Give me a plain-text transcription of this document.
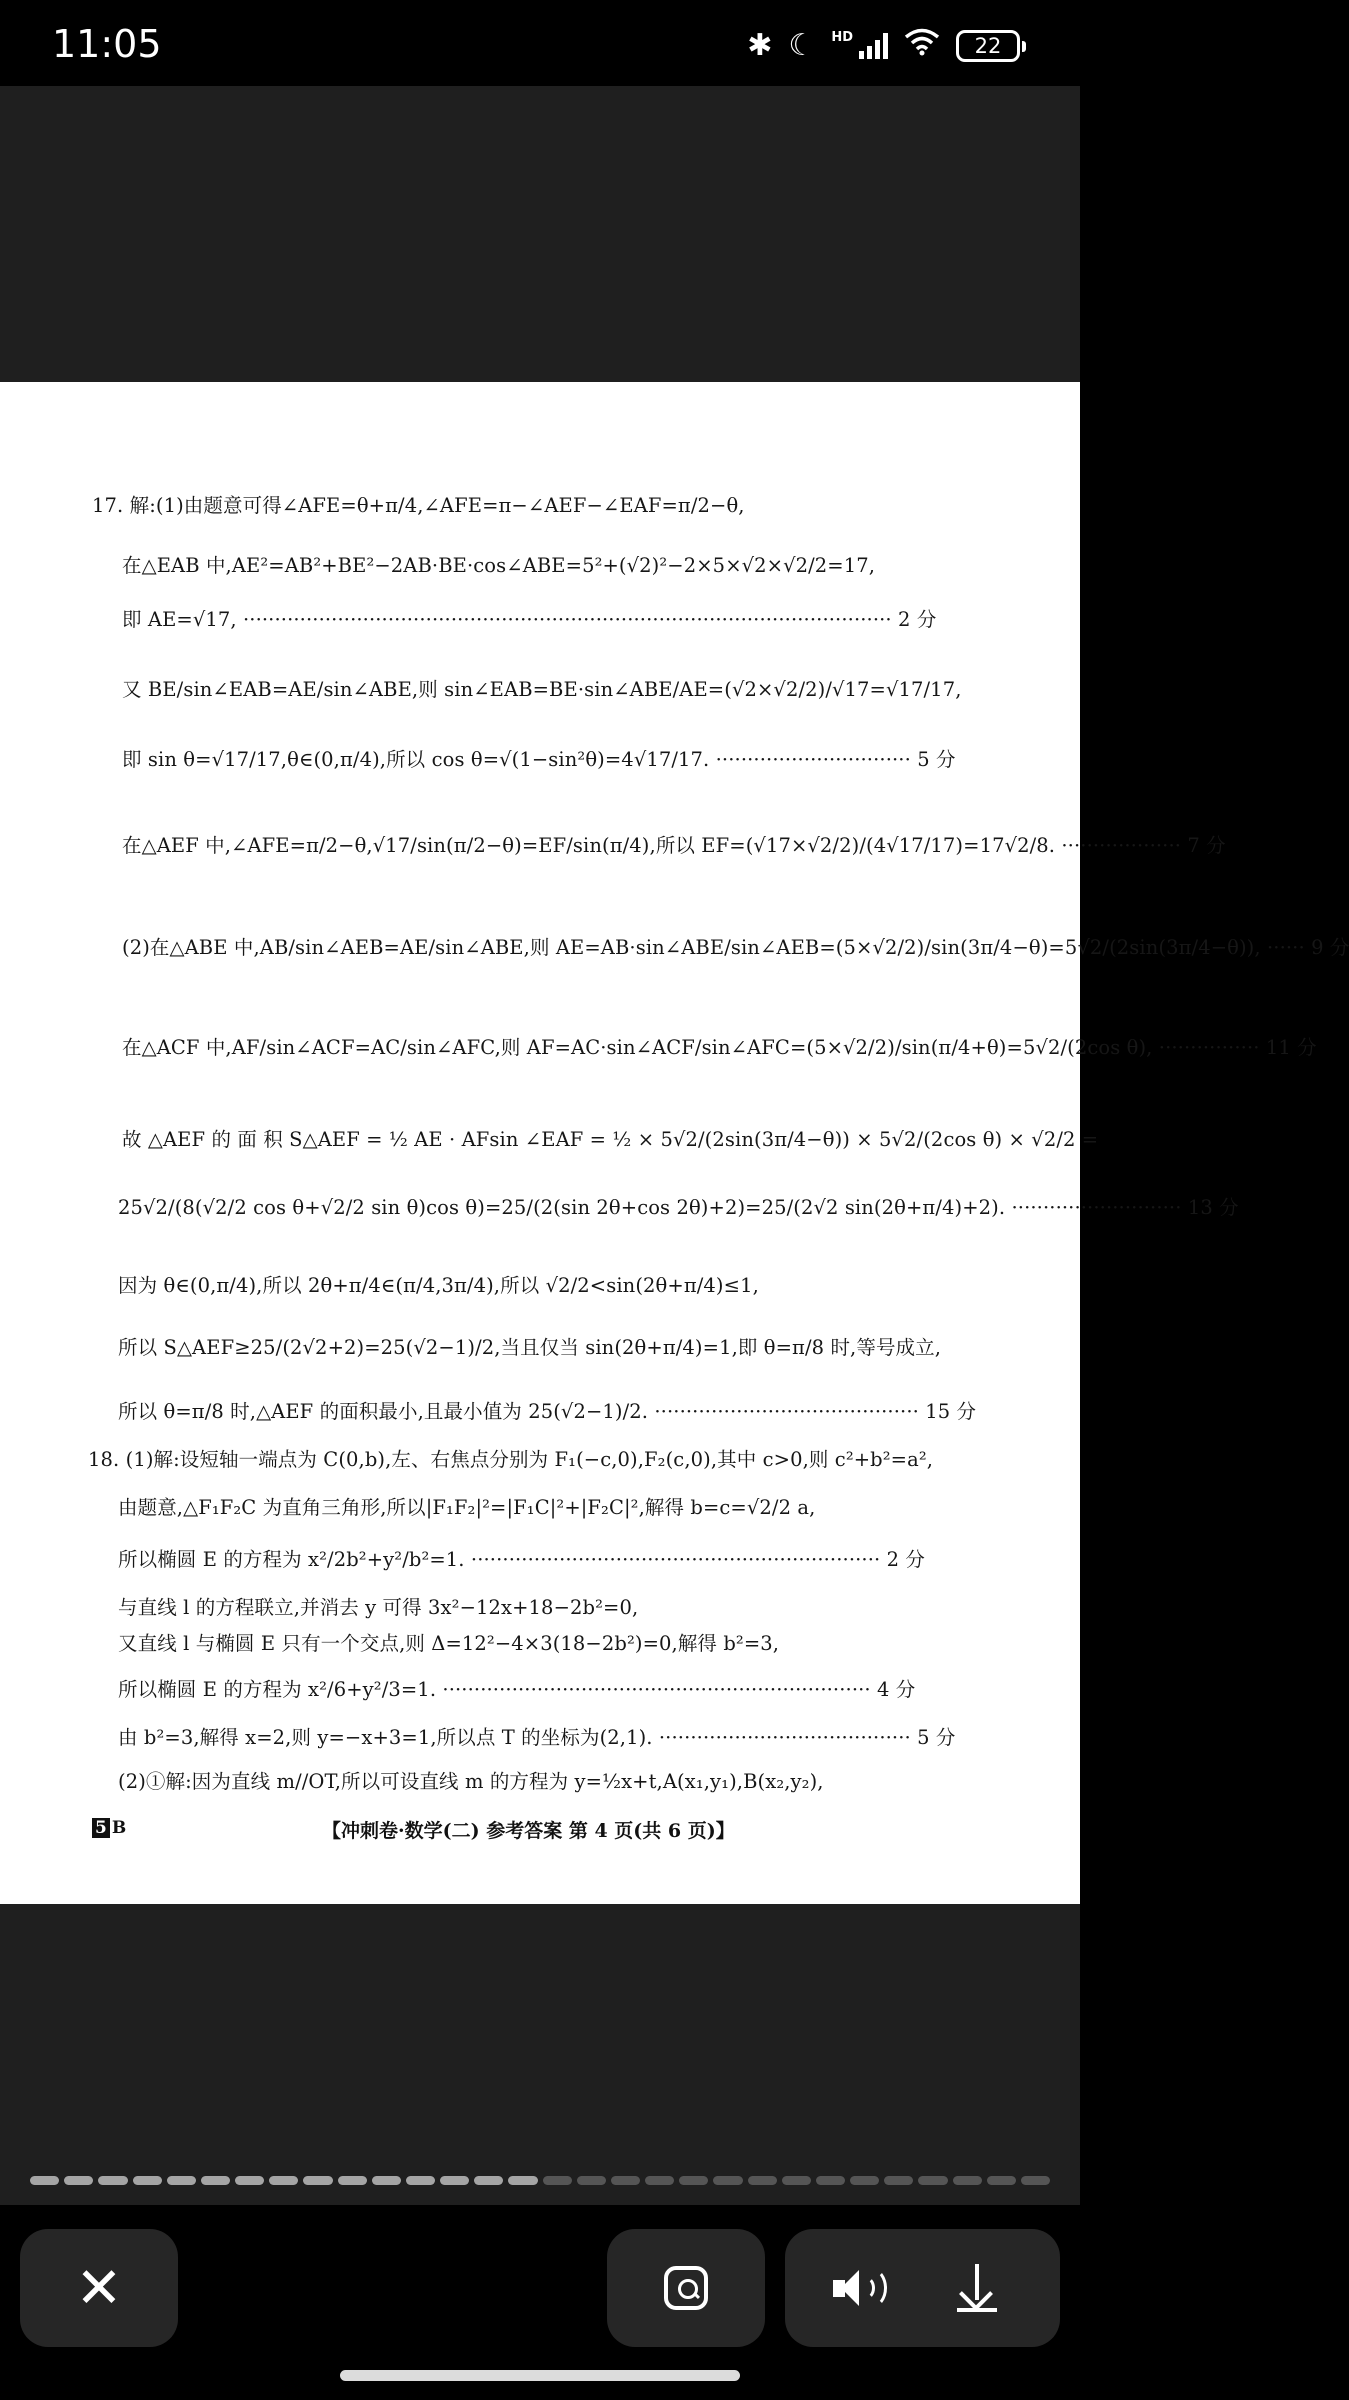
11:05	✱ ☾ HD	22
17. 解:(1)由题意可得∠AFE=θ+π/4,∠AFE=π−∠AEF−∠EAF=π/2−θ,
在△EAB 中,AE²=AB²+BE²−2AB·BE·cos∠ABE=5²+(√2)²−2×5×√2×√2/2=17,
即 AE=√17, ······································································································· 2 分
又 BE/sin∠EAB=AE/sin∠ABE,则 sin∠EAB=BE·sin∠ABE/AE=(√2×√2/2)/√17=√17/17,
即 sin θ=√17/17,θ∈(0,π/4),所以 cos θ=√(1−sin²θ)=4√17/17. ······························· 5 分
在△AEF 中,∠AFE=π/2−θ,√17/sin(π/2−θ)=EF/sin(π/4),所以 EF=(√17×√2/2)/(4√17/17)=17√2/8. ··················· 7 分
(2)在△ABE 中,AB/sin∠AEB=AE/sin∠ABE,则 AE=AB·sin∠ABE/sin∠AEB=(5×√2/2)/sin(3π/4−θ)=5√2/(2sin(3π/4−θ)), ······ 9 分
在△ACF 中,AF/sin∠ACF=AC/sin∠AFC,则 AF=AC·sin∠ACF/sin∠AFC=(5×√2/2)/sin(π/4+θ)=5√2/(2cos θ), ················ 11 分
故 △AEF 的 面 积 S△AEF = ½ AE · AFsin ∠EAF = ½ × 5√2/(2sin(3π/4−θ)) × 5√2/(2cos θ) × √2/2 =
25√2/(8(√2/2 cos θ+√2/2 sin θ)cos θ)=25/(2(sin 2θ+cos 2θ)+2)=25/(2√2 sin(2θ+π/4)+2). ··························· 13 分
因为 θ∈(0,π/4),所以 2θ+π/4∈(π/4,3π/4),所以 √2/2<sin(2θ+π/4)≤1,
所以 S△AEF≥25/(2√2+2)=25(√2−1)/2,当且仅当 sin(2θ+π/4)=1,即 θ=π/8 时,等号成立,
所以 θ=π/8 时,△AEF 的面积最小,且最小值为 25(√2−1)/2. ·········································· 15 分
18. (1)解:设短轴一端点为 C(0,b),左、右焦点分别为 F₁(−c,0),F₂(c,0),其中 c>0,则 c²+b²=a²,
由题意,△F₁F₂C 为直角三角形,所以|F₁F₂|²=|F₁C|²+|F₂C|²,解得 b=c=√2/2 a,
所以椭圆 E 的方程为 x²/2b²+y²/b²=1. ································································· 2 分
与直线 l 的方程联立,并消去 y 可得 3x²−12x+18−2b²=0,
又直线 l 与椭圆 E 只有一个交点,则 Δ=12²−4×3(18−2b²)=0,解得 b²=3,
所以椭圆 E 的方程为 x²/6+y²/3=1. ···································································· 4 分
由 b²=3,解得 x=2,则 y=−x+3=1,所以点 T 的坐标为(2,1). ········································ 5 分
(2)①解:因为直线 m//OT,所以可设直线 m 的方程为 y=½x+t,A(x₁,y₁),B(x₂,y₂),
5 B	【冲刺卷·数学(二) 参考答案 第 4 页(共 6 页)】
✕
